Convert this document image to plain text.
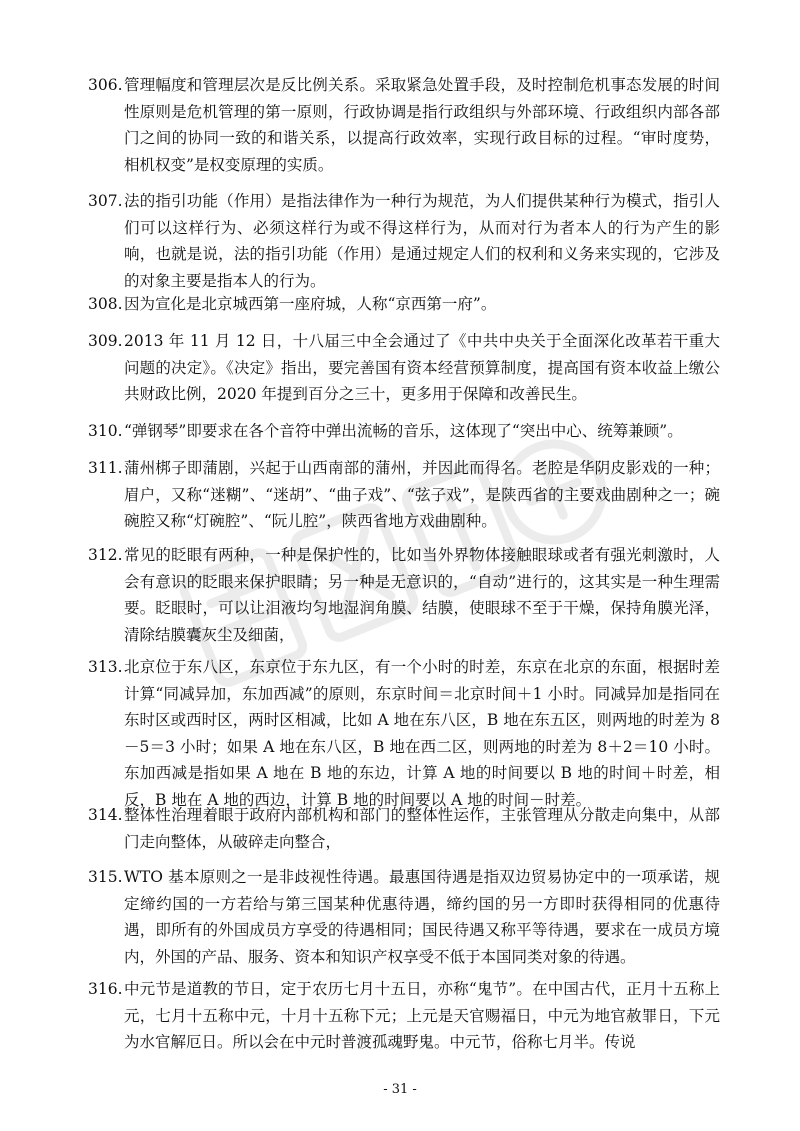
306. 管理幅度和管理层次是反比例关系。采取紧急处置手段，及时控制危机事态发展的时间性原则是危机管理的第一原则，行政协调是指行政组织与外部环境、行政组织内部各部门之间的协同一致的和谐关系，以提高行政效率，实现行政目标的过程。“审时度势，相机权变”是权变原理的实质。
307. 法的指引功能（作用）是指法律作为一种行为规范，为人们提供某种行为模式，指引人们可以这样行为、必须这样行为或不得这样行为，从而对行为者本人的行为产生的影响，也就是说，法的指引功能（作用）是通过规定人们的权利和义务来实现的，它涉及的对象主要是指本人的行为。
308. 因为宣化是北京城西第一座府城，人称“京西第一府”。
309. 2013 年 11 月 12 日，十八届三中全会通过了《中共中央关于全面深化改革若干重大问题的决定》。《决定》指出，要完善国有资本经营预算制度，提高国有资本收益上缴公共财政比例，2020 年提到百分之三十，更多用于保障和改善民生。
310. “弹钢琴”即要求在各个音符中弹出流畅的音乐，这体现了“突出中心、统筹兼顾”。
311. 蒲州梆子即蒲剧，兴起于山西南部的蒲州，并因此而得名。老腔是华阴皮影戏的一种；眉户，又称“迷糊”、“迷胡”、“曲子戏”、“弦子戏”，是陕西省的主要戏曲剧种之一；碗碗腔又称“灯碗腔”、“阮儿腔”，陕西省地方戏曲剧种。
312. 常见的眨眼有两种，一种是保护性的，比如当外界物体接触眼球或者有强光刺激时，人会有意识的眨眼来保护眼睛；另一种是无意识的，“自动”进行的，这其实是一种生理需要。眨眼时，可以让泪液均匀地湿润角膜、结膜，使眼球不至于干燥，保持角膜光泽，清除结膜囊灰尘及细菌，
313. 北京位于东八区，东京位于东九区，有一个小时的时差，东京在北京的东面，根据时差计算“同减异加，东加西减”的原则，东京时间＝北京时间＋1 小时。同减异加是指同在东时区或西时区，两时区相减，比如 A 地在东八区，B 地在东五区，则两地的时差为 8－5＝3 小时；如果 A 地在东八区，B 地在西二区，则两地的时差为 8＋2＝10 小时。东加西减是指如果 A 地在 B 地的东边，计算 A 地的时间要以 B 地的时间＋时差，相反，B 地在 A 地的西边，计算 B 地的时间要以 A 地的时间－时差。
314. 整体性治理着眼于政府内部机构和部门的整体性运作，主张管理从分散走向集中，从部门走向整体，从破碎走向整合，
315. WTO 基本原则之一是非歧视性待遇。最惠国待遇是指双边贸易协定中的一项承诺，规定缔约国的一方若给与第三国某种优惠待遇，缔约国的另一方即时获得相同的优惠待遇，即所有的外国成员方享受的待遇相同；国民待遇又称平等待遇，要求在一成员方境内，外国的产品、服务、资本和知识产权享受不低于本国同类对象的待遇。
316. 中元节是道教的节日，定于农历七月十五日，亦称“鬼节”。在中国古代，正月十五称上元，七月十五称中元，十月十五称下元；上元是天官赐福日，中元为地官赦罪日，下元为水官解厄日。所以会在中元时普渡孤魂野鬼。中元节，俗称七月半。传说
- 31 -
